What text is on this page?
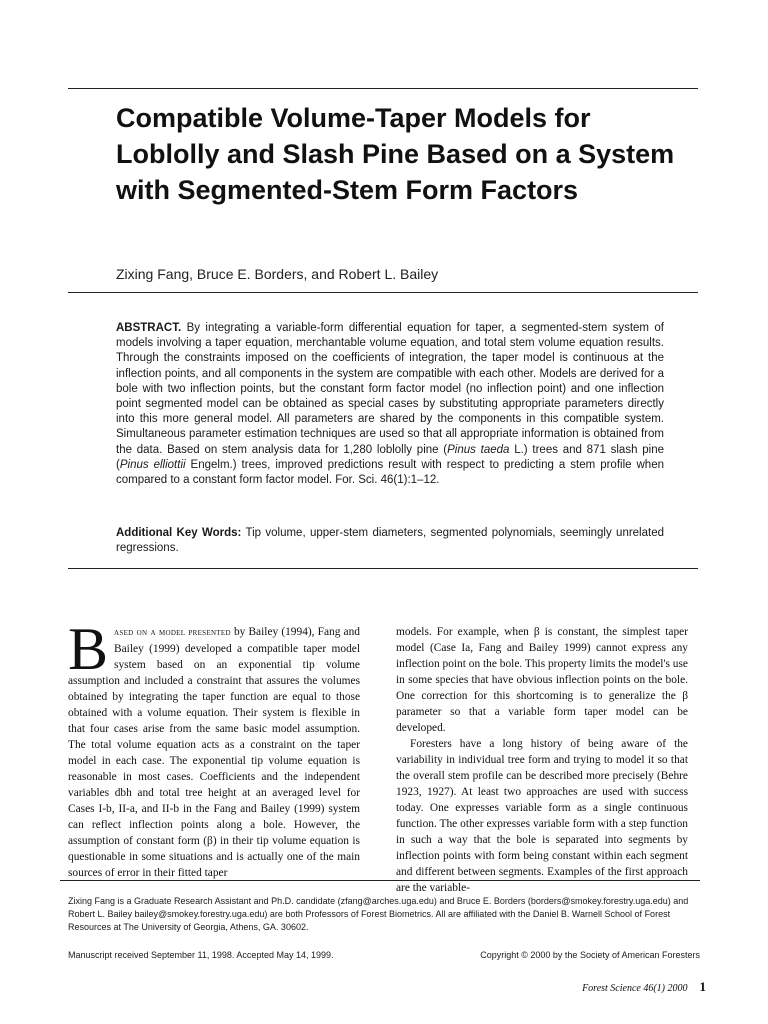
Compatible Volume-Taper Models for Loblolly and Slash Pine Based on a System with Segmented-Stem Form Factors

Zixing Fang, Bruce E. Borders, and Robert L. Bailey

ABSTRACT. By integrating a variable-form differential equation for taper, a segmented-stem system of models involving a taper equation, merchantable volume equation, and total stem volume equation results. Through the constraints imposed on the coefficients of integration, the taper model is continuous at the inflection points, and all components in the system are compatible with each other. Models are derived for a bole with two inflection points, but the constant form factor model (no inflection point) and one inflection point segmented model can be obtained as special cases by substituting appropriate parameters directly into this more general model. All parameters are shared by the components in this compatible system. Simultaneous parameter estimation techniques are used so that all appropriate information is obtained from the data. Based on stem analysis data for 1,280 loblolly pine (Pinus taeda L.) trees and 871 slash pine (Pinus elliottii Engelm.) trees, improved predictions result with respect to predicting a stem profile when compared to a constant form factor model. For. Sci. 46(1):1–12.

Additional Key Words: Tip volume, upper-stem diameters, segmented polynomials, seemingly unrelated regressions.

Based on a model presented by Bailey (1994), Fang and Bailey (1999) developed a compatible taper model system based on an exponential tip volume assumption and included a constraint that assures the volumes obtained by integrating the taper function are equal to those obtained with a volume equation. Their system is flexible in that four cases arise from the same basic model assumption. The total volume equation acts as a constraint on the taper model in each case. The exponential tip volume equation is reasonable in most cases. Coefficients and the independent variables dbh and total tree height at an averaged level for Cases I-b, II-a, and II-b in the Fang and Bailey (1999) system can reflect inflection points along a bole. However, the assumption of constant form (β) in their tip volume equation is questionable in some situations and is actually one of the main sources of error in their fitted taper

models. For example, when β is constant, the simplest taper model (Case Ia, Fang and Bailey 1999) cannot express any inflection point on the bole. This property limits the model's use in some species that have obvious inflection points on the bole. One correction for this shortcoming is to generalize the β parameter so that a variable form taper model can be developed.

Foresters have a long history of being aware of the variability in individual tree form and trying to model it so that the overall stem profile can be described more precisely (Behre 1923, 1927). At least two approaches are used with success today. One expresses variable form as a single continuous function. The other expresses variable form with a step function in such a way that the bole is separated into segments by inflection points with form being constant within each segment and different between segments. Examples of the first approach are the variable-

Zixing Fang is a Graduate Research Assistant and Ph.D. candidate (zfang@arches.uga.edu) and Bruce E. Borders (borders@smokey.forestry.uga.edu) and Robert L. Bailey bailey@smokey.forestry.uga.edu) are both Professors of Forest Biometrics. All are affiliated with the Daniel B. Warnell School of Forest Resources at The University of Georgia, Athens, GA. 30602.

Manuscript received September 11, 1998. Accepted May 14, 1999.	Copyright © 2000 by the Society of American Foresters

Forest Science 46(1) 2000 1
